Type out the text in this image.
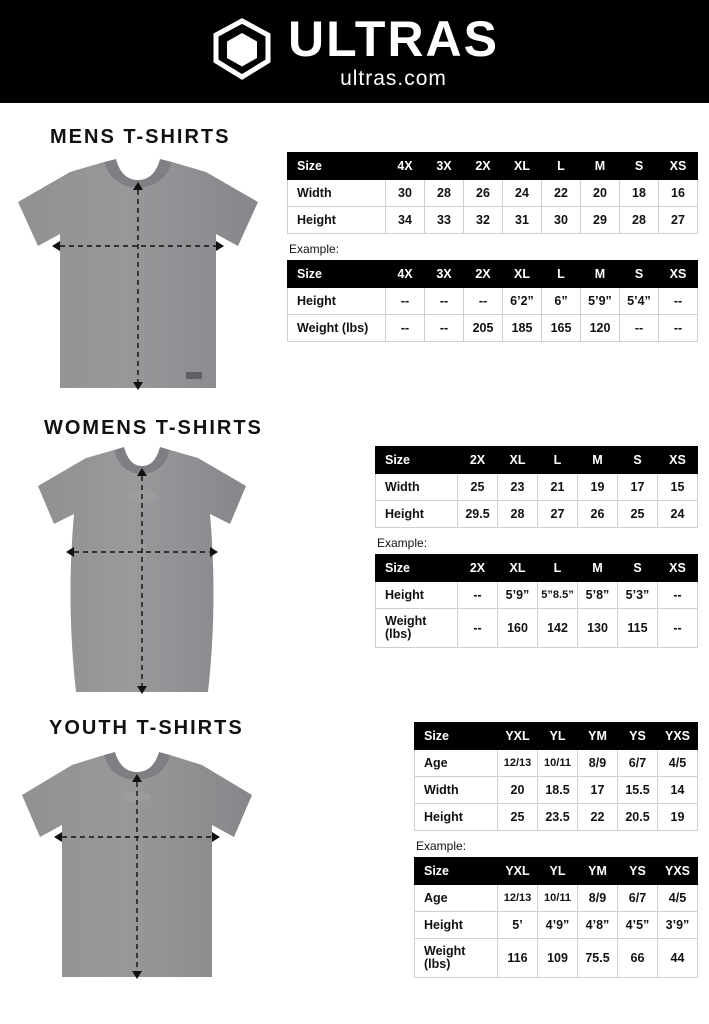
ULTRAS
ultras.com
MENS T-SHIRTS
Size	4X	3X	2X	XL	L	M	S	XS
Width	30	28	26	24	22	20	18	16
Height	34	33	32	31	30	29	28	27
Example:
Size	4X	3X	2X	XL	L	M	S	XS
Height	--	--	--	6’2”	6”	5’9”	5’4”	--
Weight (lbs)	--	--	205	185	165	120	--	--
WOMENS T-SHIRTS
Size	2X	XL	L	M	S	XS
Width	25	23	21	19	17	15
Height	29.5	28	27	26	25	24
Example:
Size	2X	XL	L	M	S	XS
Height	--	5’9”	5”8.5”	5’8”	5’3”	--
Weight (lbs)	--	160	142	130	115	--
YOUTH T-SHIRTS	Size	YXL	YL	YM	YS	YXS
Age	12/13	10/11	8/9	6/7	4/5
Width	20	18.5	17	15.5	14
Height	25	23.5	22	20.5	19
Example:
Size	YXL	YL	YM	YS	YXS
Age	12/13	10/11	8/9	6/7	4/5
Height	5’	4’9”	4’8”	4’5”	3’9”
Weight (lbs)	116	109	75.5	66	44
